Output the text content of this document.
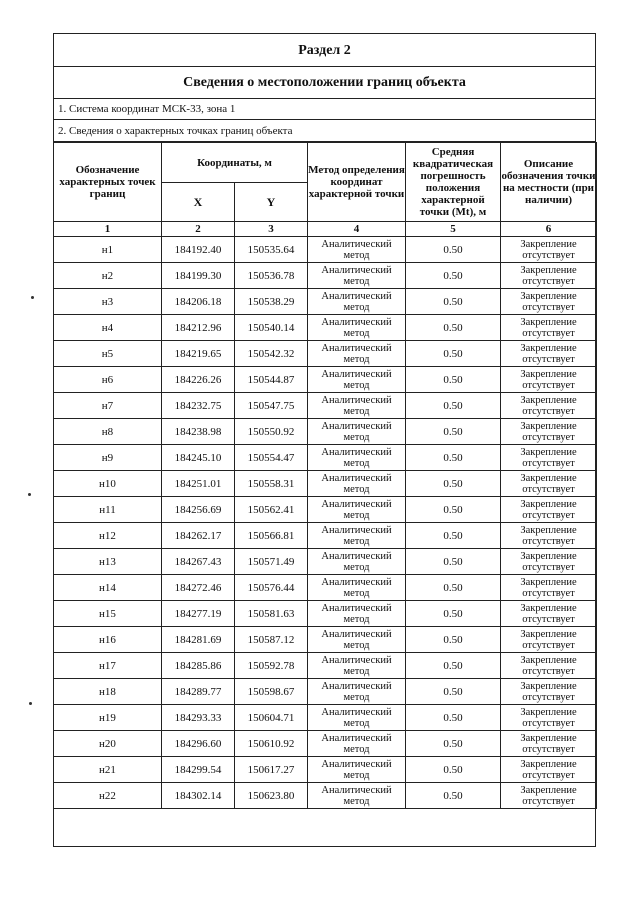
Раздел 2
Сведения о местоположении границ объекта
1. Система координат МСК-33, зона 1
2. Сведения о характерных точках границ объекта
Обозначение характерных точек границ	Координаты, м		Метод определения координат характерной точки	Средняя квадратическая погрешность положения характерной точки (Mt), м	Описание обозначения точки на местности (при наличии)
	X	Y			
1	2	3	4	5	6
н1	184192.40	150535.64	Аналитический метод	0.50	Закрепление отсутствует
н2	184199.30	150536.78	Аналитический метод	0.50	Закрепление отсутствует
н3	184206.18	150538.29	Аналитический метод	0.50	Закрепление отсутствует
н4	184212.96	150540.14	Аналитический метод	0.50	Закрепление отсутствует
н5	184219.65	150542.32	Аналитический метод	0.50	Закрепление отсутствует
н6	184226.26	150544.87	Аналитический метод	0.50	Закрепление отсутствует
н7	184232.75	150547.75	Аналитический метод	0.50	Закрепление отсутствует
н8	184238.98	150550.92	Аналитический метод	0.50	Закрепление отсутствует
н9	184245.10	150554.47	Аналитический метод	0.50	Закрепление отсутствует
н10	184251.01	150558.31	Аналитический метод	0.50	Закрепление отсутствует
н11	184256.69	150562.41	Аналитический метод	0.50	Закрепление отсутствует
н12	184262.17	150566.81	Аналитический метод	0.50	Закрепление отсутствует
н13	184267.43	150571.49	Аналитический метод	0.50	Закрепление отсутствует
н14	184272.46	150576.44	Аналитический метод	0.50	Закрепление отсутствует
н15	184277.19	150581.63	Аналитический метод	0.50	Закрепление отсутствует
н16	184281.69	150587.12	Аналитический метод	0.50	Закрепление отсутствует
н17	184285.86	150592.78	Аналитический метод	0.50	Закрепление отсутствует
н18	184289.77	150598.67	Аналитический метод	0.50	Закрепление отсутствует
н19	184293.33	150604.71	Аналитический метод	0.50	Закрепление отсутствует
н20	184296.60	150610.92	Аналитический метод	0.50	Закрепление отсутствует
н21	184299.54	150617.27	Аналитический метод	0.50	Закрепление отсутствует
н22	184302.14	150623.80	Аналитический метод	0.50	Закрепление отсутствует
